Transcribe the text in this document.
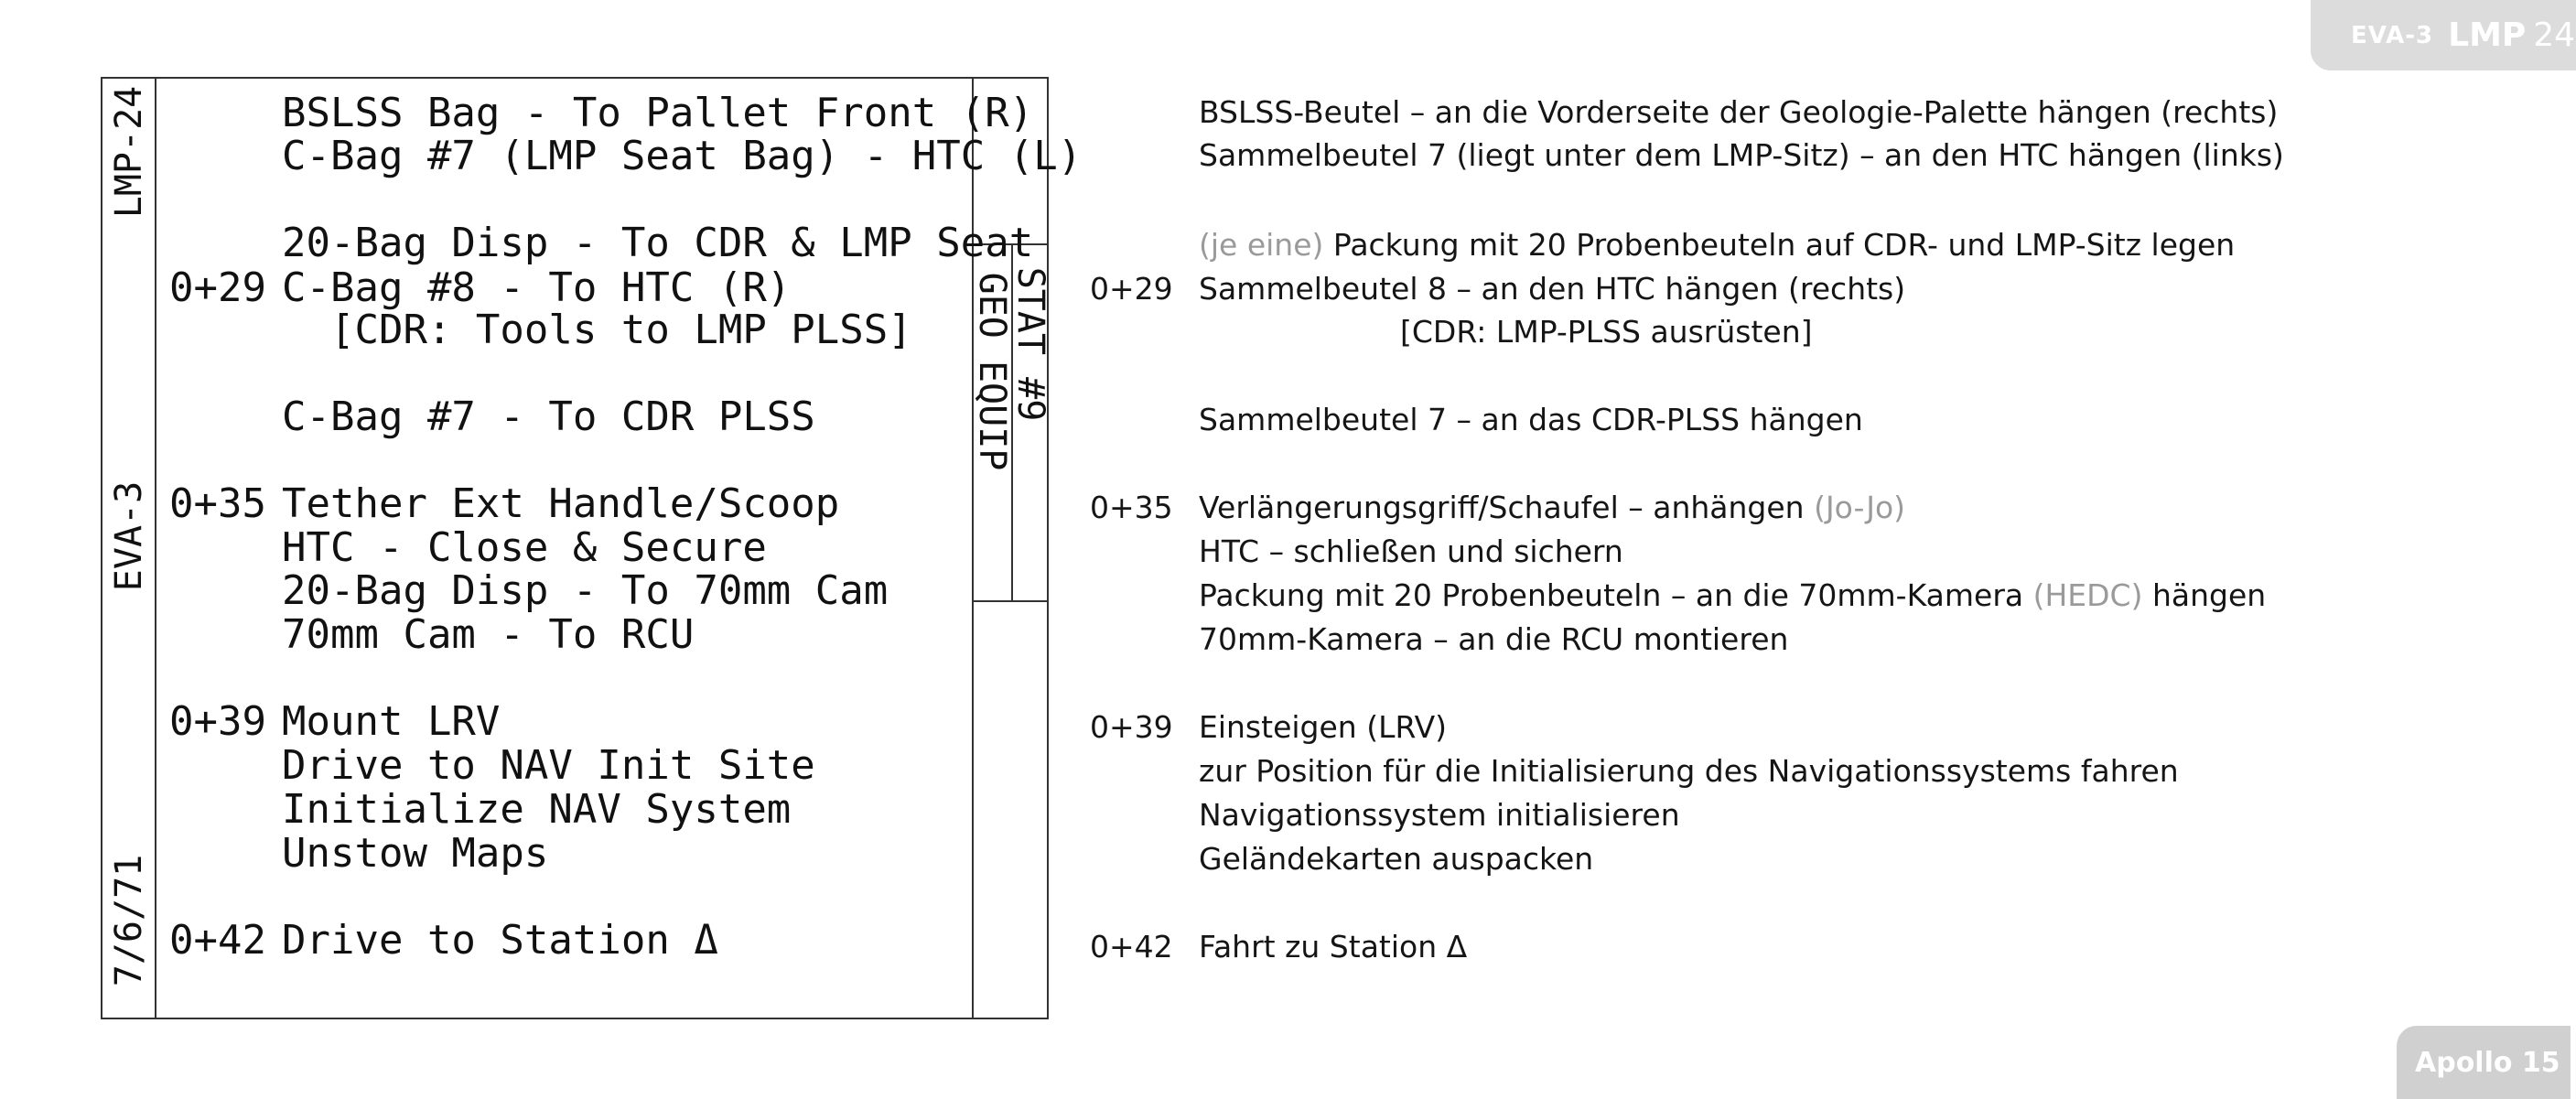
EVA-3 LMP 24
Apollo 15
LMP-24
EVA-3
7/6/71
STAT #9
GEO EQUIP
BSLSS Bag - To Pallet Front (R)
C-Bag #7 (LMP Seat Bag) - HTC (L)
20-Bag Disp - To CDR & LMP Seat
0+29 C-Bag #8 - To HTC (R)
[CDR: Tools to LMP PLSS]
C-Bag #7 - To CDR PLSS
0+35 Tether Ext Handle/Scoop
HTC - Close & Secure
20-Bag Disp - To 70mm Cam
70mm Cam - To RCU
0+39 Mount LRV
Drive to NAV Init Site
Initialize NAV System
Unstow Maps
0+42 Drive to Station Δ
BSLSS-Beutel – an die Vorderseite der Geologie-Palette hängen (rechts)
Sammelbeutel 7 (liegt unter dem LMP-Sitz) – an den HTC hängen (links)
(je eine) Packung mit 20 Probenbeuteln auf CDR- und LMP-Sitz legen
0+29 Sammelbeutel 8 – an den HTC hängen (rechts)
[CDR: LMP-PLSS ausrüsten]
Sammelbeutel 7 – an das CDR-PLSS hängen
0+35 Verlängerungsgriff/Schaufel – anhängen (Jo-Jo)
HTC – schließen und sichern
Packung mit 20 Probenbeuteln – an die 70mm-Kamera (HEDC) hängen
70mm-Kamera – an die RCU montieren
0+39 Einsteigen (LRV)
zur Position für die Initialisierung des Navigationssystems fahren
Navigationssystem initialisieren
Geländekarten auspacken
0+42 Fahrt zu Station Δ
